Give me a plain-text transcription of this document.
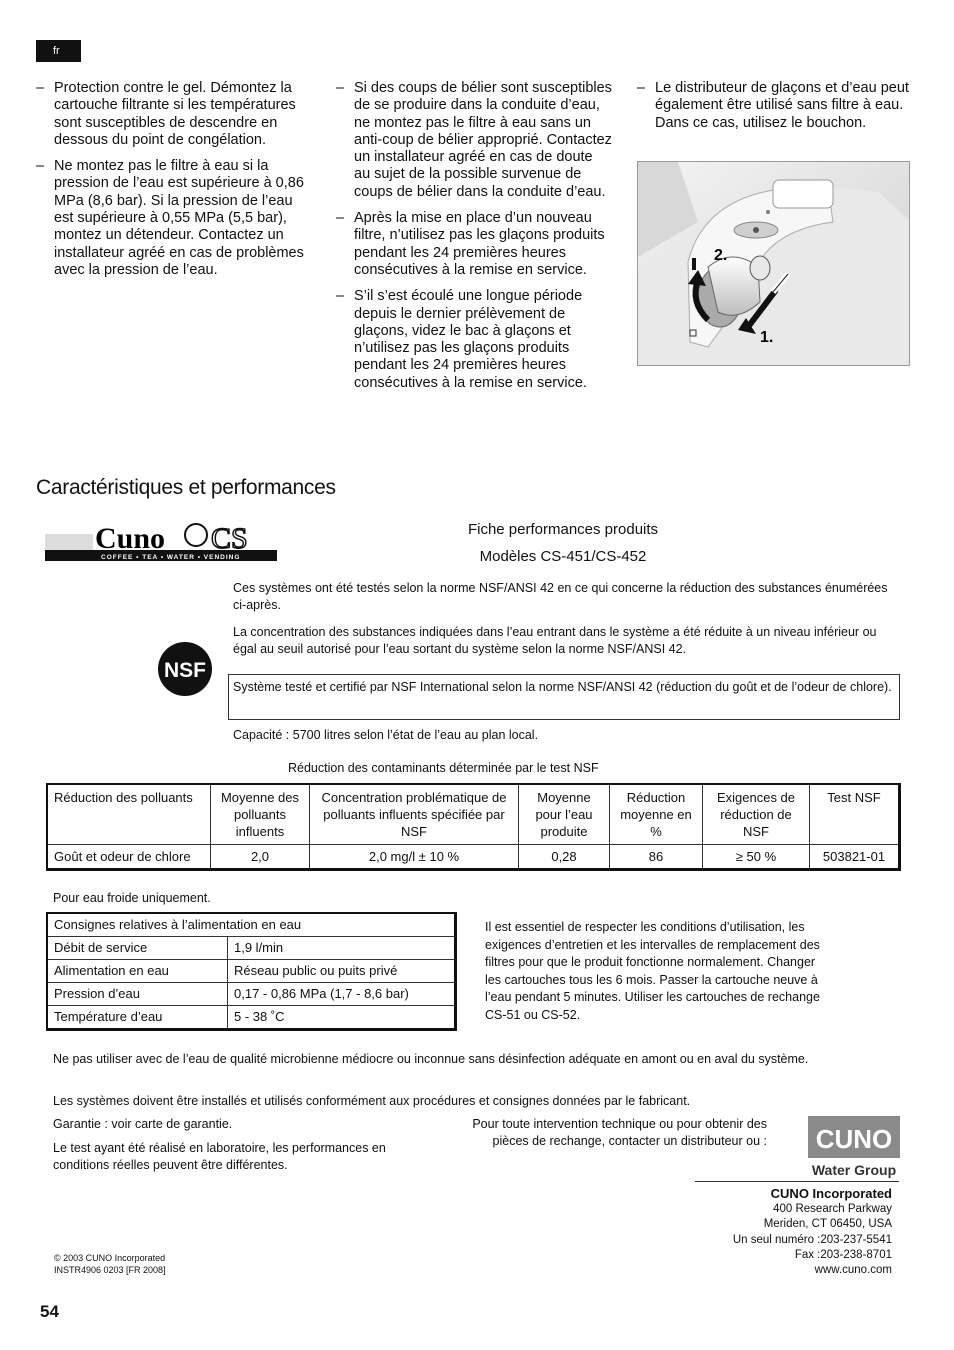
fr

– Protection contre le gel. Démontez la cartouche filtrante si les températures sont susceptibles de descendre en dessous du point de congélation.

– Ne montez pas le filtre à eau si la pression de l’eau est supérieure à 0,86 MPa (8,6 bar). Si la pression de l’eau est supérieure à 0,55 MPa (5,5 bar), montez un détendeur. Contactez un installateur agréé en cas de problèmes avec la pression de l’eau.

– Si des coups de bélier sont susceptibles de se produire dans la conduite d’eau, ne montez pas le filtre à eau sans un anti-coup de bélier approprié. Contactez un installateur agréé en cas de doute au sujet de la possible survenue de coups de bélier dans la conduite d’eau.

– Après la mise en place d’un nouveau filtre, n’utilisez pas les glaçons produits pendant les 24 premières heures consécutives à la remise en service.

– S’il s’est écoulé une longue période depuis le dernier prélèvement de glaçons, videz le bac à glaçons et n’utilisez pas les glaçons produits pendant les 24 premières heures consécutives à la remise en service.

– Le distributeur de glaçons et d’eau peut également être utilisé sans filtre à eau. Dans ce cas, utilisez le bouchon.

2.
1.
Caractéristiques et performances
Cuno CS
COFFEE • TEA • WATER • VENDING
Fiche performances produits
Modèles CS-451/CS-452
Ces systèmes ont été testés selon la norme NSF/ANSI 42 en ce qui concerne la réduction des substances énumérées ci-après.
La concentration des substances indiquées dans l’eau entrant dans le système a été réduite à un niveau inférieur ou égal au seuil autorisé pour l’eau sortant du système selon la norme NSF/ANSI 42.
NSF
Système testé et certifié par NSF International selon la norme NSF/ANSI 42 (réduction du goût et de l’odeur de chlore).
Capacité : 5700 litres selon l’état de l’eau au plan local.
Réduction des contaminants déterminée par le test NSF
Réduction des polluants	Moyenne des polluants influents	Concentration problématique de polluants influents spécifiée par NSF	Moyenne pour l’eau produite	Réduction moyenne en %	Exigences de réduction de NSF	Test NSF
Goût et odeur de chlore	2,0	2,0 mg/l ± 10 %	0,28	86	≥ 50 %	503821-01
Pour eau froide uniquement.
Consignes relatives à l’alimentation en eau	
Débit de service	1,9 l/min
Alimentation en eau	Réseau public ou puits privé
Pression d’eau	0,17 - 0,86 MPa (1,7 - 8,6 bar)
Température d’eau	5 - 38 ˚C
Il est essentiel de respecter les conditions d’utilisation, les exigences d’entretien et les intervalles de remplacement des filtres pour que le produit fonctionne normalement. Changer les cartouches tous les 6 mois. Passer la cartouche neuve à l’eau pendant 5 minutes. Utiliser les cartouches de rechange CS-51 ou CS-52.
Ne pas utiliser avec de l’eau de qualité microbienne médiocre ou inconnue sans désinfection adéquate en amont ou en aval du système.
Les systèmes doivent être installés et utilisés conformément aux procédures et consignes données par le fabricant.
Garantie : voir carte de garantie.
Le test ayant été réalisé en laboratoire, les performances en conditions réelles peuvent être différentes.
Pour toute intervention technique ou pour obtenir des pièces de rechange, contacter un distributeur ou : CUNO
Water Group
CUNO Incorporated
400 Research Parkway
Meriden, CT 06450, USA
Un seul numéro :203-237-5541
Fax :203-238-8701
www.cuno.com
© 2003 CUNO Incorporated
INSTR4906 0203 [FR 2008]
54
